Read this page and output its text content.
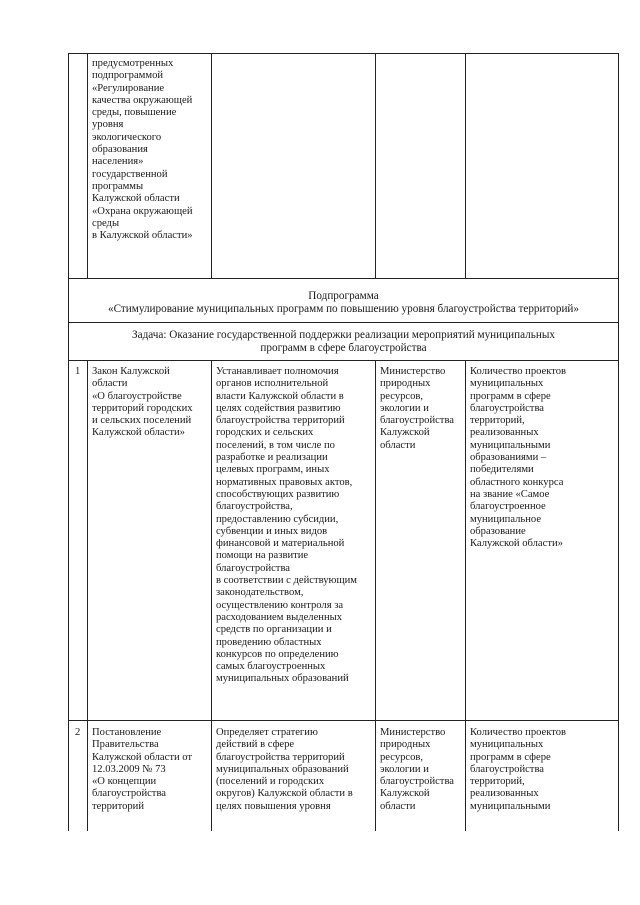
предусмотренных
подпрограммой
«Регулирование
качества окружающей
среды, повышение
уровня
экологического
образования
населения»
государственной
программы
Калужской области
«Охрана окружающей
среды
в Калужской области»
Подпрограмма
«Стимулирование муниципальных программ по повышению уровня благоустройства территорий»
Задача: Оказание государственной поддержки реализации мероприятий муниципальных
программ в сфере благоустройства
1	Закон Калужской
области
«О благоустройстве
территорий городских
и сельских поселений
Калужской области»
Устанавливает полномочия
органов исполнительной
власти Калужской области в
целях содействия развитию
благоустройства территорий
городских и сельских
поселений, в том числе по
разработке и реализации
целевых программ, иных
нормативных правовых актов,
способствующих развитию
благоустройства,
предоставлению субсидии,
субвенции и иных видов
финансовой и материальной
помощи на развитие
благоустройства
в соответствии с действующим
законодательством,
осуществлению контроля за
расходованием выделенных
средств по организации и
проведению областных
конкурсов по определению
самых благоустроенных
муниципальных образований
Министерство
природных
ресурсов,
экологии и
благоустройства
Калужской
области
Количество проектов
муниципальных
программ в сфере
благоустройства
территорий,
реализованных
муниципальными
образованиями –
победителями
областного конкурса
на звание «Самое
благоустроенное
муниципальное
образование
Калужской области»
2	Постановление
Правительства
Калужской области от
12.03.2009 № 73
«О концепции
благоустройства
территорий
Определяет стратегию
действий в сфере
благоустройства территорий
муниципальных образований
(поселений и городских
округов) Калужской области в
целях повышения уровня
Министерство
природных
ресурсов,
экологии и
благоустройства
Калужской
области
Количество проектов
муниципальных
программ в сфере
благоустройства
территорий,
реализованных
муниципальными
